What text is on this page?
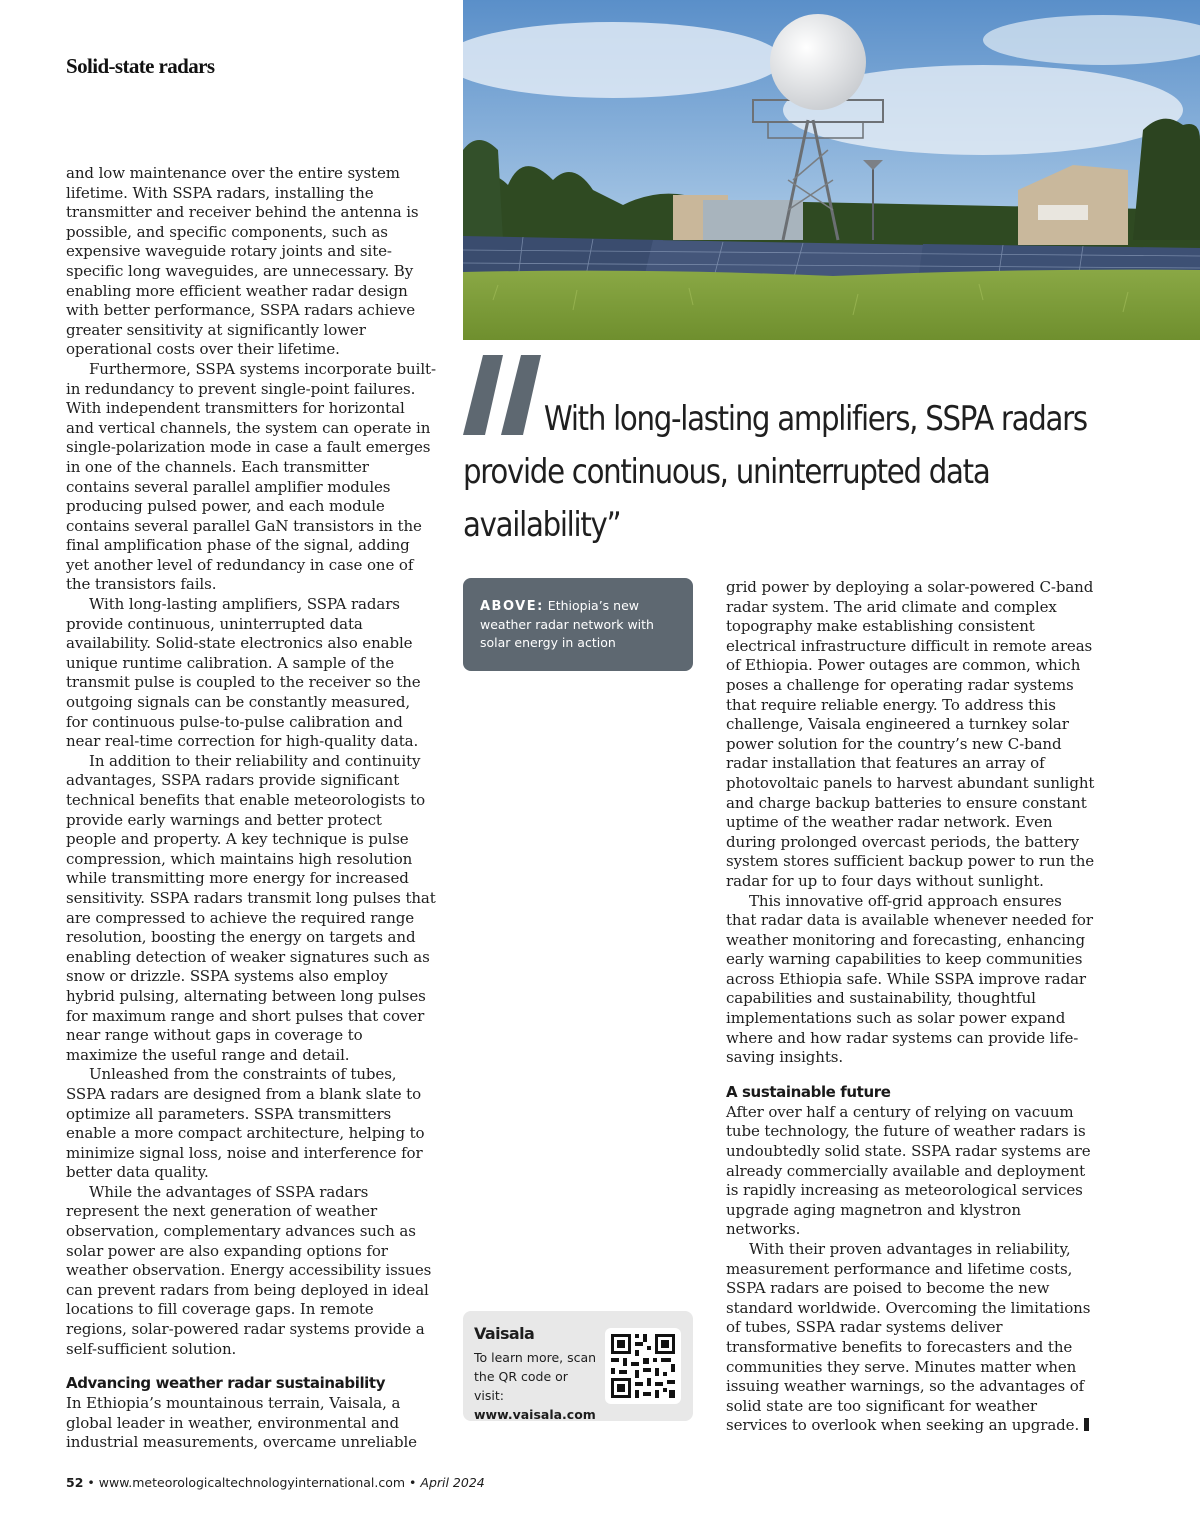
Solid-state radars

and low maintenance over the entire system lifetime. With SSPA radars, installing the transmitter and receiver behind the antenna is possible, and specific components, such as expensive waveguide rotary joints and site-specific long waveguides, are unnecessary. By enabling more efficient weather radar design with better performance, SSPA radars achieve greater sensitivity at significantly lower operational costs over their lifetime.

Furthermore, SSPA systems incorporate built-in redundancy to prevent single-point failures. With independent transmitters for horizontal and vertical channels, the system can operate in single-polarization mode in case a fault emerges in one of the channels. Each transmitter contains several parallel amplifier modules producing pulsed power, and each module contains several parallel GaN transistors in the final amplification phase of the signal, adding yet another level of redundancy in case one of the transistors fails.

With long-lasting amplifiers, SSPA radars provide continuous, uninterrupted data availability. Solid-state electronics also enable unique runtime calibration. A sample of the transmit pulse is coupled to the receiver so the outgoing signals can be constantly measured, for continuous pulse-to-pulse calibration and near real-time correction for high-quality data.

In addition to their reliability and continuity advantages, SSPA radars provide significant technical benefits that enable meteorologists to provide early warnings and better protect people and property. A key technique is pulse compression, which maintains high resolution while transmitting more energy for increased sensitivity. SSPA radars transmit long pulses that are compressed to achieve the required range resolution, boosting the energy on targets and enabling detection of weaker signatures such as snow or drizzle. SSPA systems also employ hybrid pulsing, alternating between long pulses for maximum range and short pulses that cover near range without gaps in coverage to maximize the useful range and detail.

Unleashed from the constraints of tubes, SSPA radars are designed from a blank slate to optimize all parameters. SSPA transmitters enable a more compact architecture, helping to minimize signal loss, noise and interference for better data quality.

While the advantages of SSPA radars represent the next generation of weather observation, complementary advances such as solar power are also expanding options for weather observation. Energy accessibility issues can prevent radars from being deployed in ideal locations to fill coverage gaps. In remote regions, solar-powered radar systems provide a self-sufficient solution.

Advancing weather radar sustainability

In Ethiopia’s mountainous terrain, Vaisala, a global leader in weather, environmental and industrial measurements, overcame unreliable

With long-lasting amplifiers, SSPA radars provide continuous, uninterrupted data availability”

ABOVE: Ethiopia’s new weather radar network with solar energy in action

grid power by deploying a solar-powered C-band radar system. The arid climate and complex topography make establishing consistent electrical infrastructure difficult in remote areas of Ethiopia. Power outages are common, which poses a challenge for operating radar systems that require reliable energy. To address this challenge, Vaisala engineered a turnkey solar power solution for the country’s new C-band radar installation that features an array of photovoltaic panels to harvest abundant sunlight and charge backup batteries to ensure constant uptime of the weather radar network. Even during prolonged overcast periods, the battery system stores sufficient backup power to run the radar for up to four days without sunlight.

This innovative off-grid approach ensures that radar data is available whenever needed for weather monitoring and forecasting, enhancing early warning capabilities to keep communities across Ethiopia safe. While SSPA improve radar capabilities and sustainability, thoughtful implementations such as solar power expand where and how radar systems can provide life-saving insights.

A sustainable future

After over half a century of relying on vacuum tube technology, the future of weather radars is undoubtedly solid state. SSPA radar systems are already commercially available and deployment is rapidly increasing as meteorological services upgrade aging magnetron and klystron networks.

With their proven advantages in reliability, measurement performance and lifetime costs, SSPA radars are poised to become the new standard worldwide. Overcoming the limitations of tubes, SSPA radar systems deliver transformative benefits to forecasters and the communities they serve. Minutes matter when issuing weather warnings, so the advantages of solid state are too significant for weather services to overlook when seeking an upgrade.

Vaisala
To learn more, scan the QR code or visit: www.vaisala.com
52 • www.meteorologicaltechnologyinternational.com • April 2024
